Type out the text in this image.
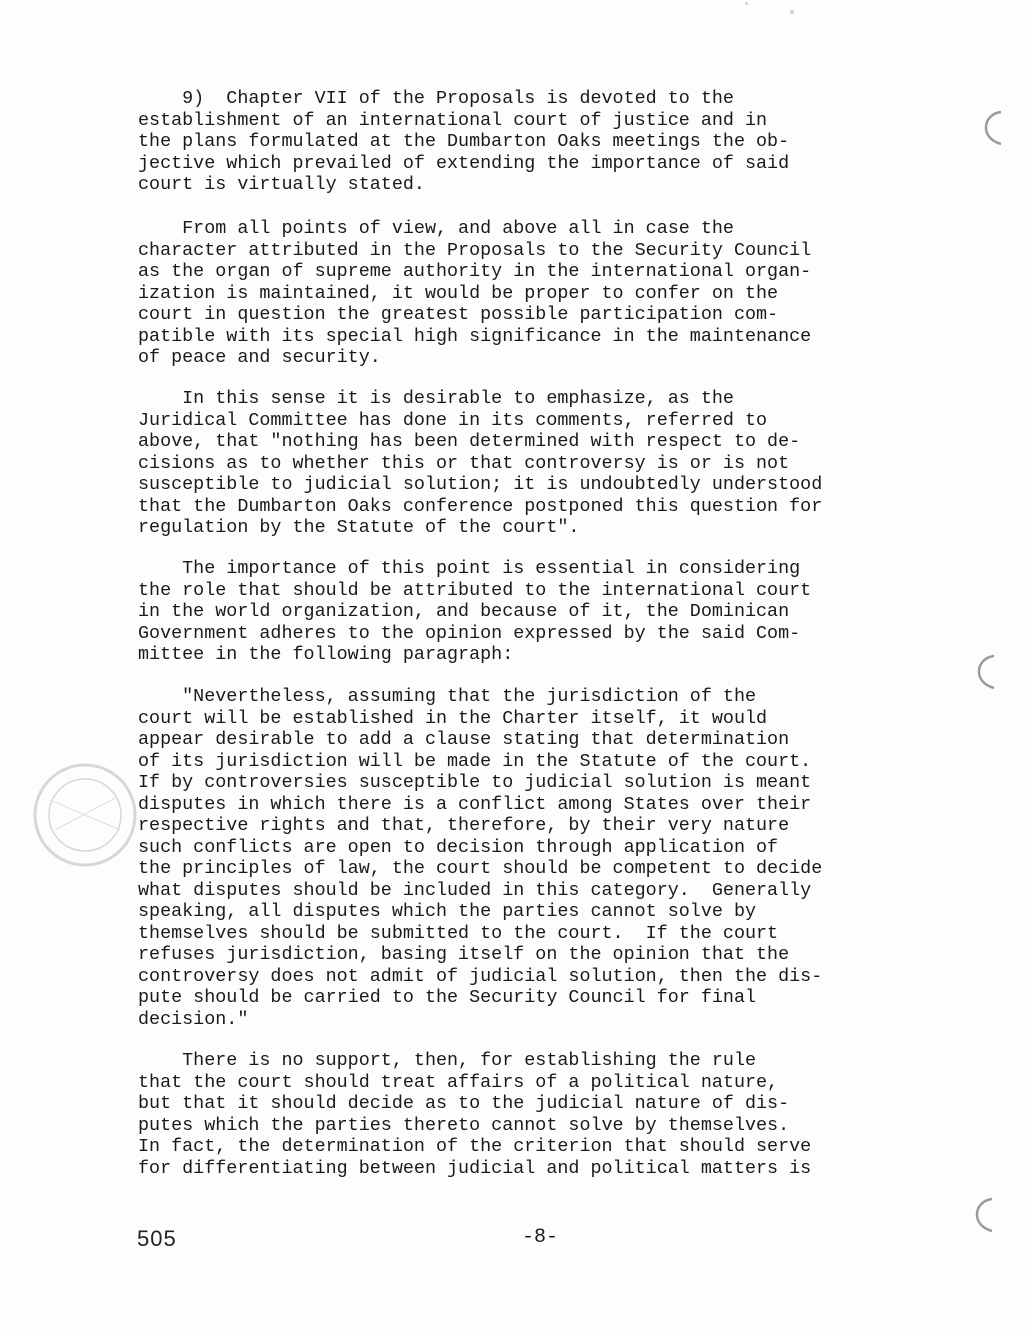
9)  Chapter VII of the Proposals is devoted to the
establishment of an international court of justice and in
the plans formulated at the Dumbarton Oaks meetings the ob-
jective which prevailed of extending the importance of said
court is virtually stated.
From all points of view, and above all in case the
character attributed in the Proposals to the Security Council
as the organ of supreme authority in the international organ-
ization is maintained, it would be proper to confer on the
court in question the greatest possible participation com-
patible with its special high significance in the maintenance
of peace and security.
In this sense it is desirable to emphasize, as the
Juridical Committee has done in its comments, referred to
above, that "nothing has been determined with respect to de-
cisions as to whether this or that controversy is or is not
susceptible to judicial solution; it is undoubtedly understood
that the Dumbarton Oaks conference postponed this question for
regulation by the Statute of the court".
The importance of this point is essential in considering
the role that should be attributed to the international court
in the world organization, and because of it, the Dominican
Government adheres to the opinion expressed by the said Com-
mittee in the following paragraph:
"Nevertheless, assuming that the jurisdiction of the
court will be established in the Charter itself, it would
appear desirable to add a clause stating that determination
of its jurisdiction will be made in the Statute of the court.
If by controversies susceptible to judicial solution is meant
disputes in which there is a conflict among States over their
respective rights and that, therefore, by their very nature
such conflicts are open to decision through application of
the principles of law, the court should be competent to decide
what disputes should be included in this category.  Generally
speaking, all disputes which the parties cannot solve by
themselves should be submitted to the court.  If the court
refuses jurisdiction, basing itself on the opinion that the
controversy does not admit of judicial solution, then the dis-
pute should be carried to the Security Council for final
decision."
There is no support, then, for establishing the rule
that the court should treat affairs of a political nature,
but that it should decide as to the judicial nature of dis-
putes which the parties thereto cannot solve by themselves.
In fact, the determination of the criterion that should serve
for differentiating between judicial and political matters is
505	-8-
